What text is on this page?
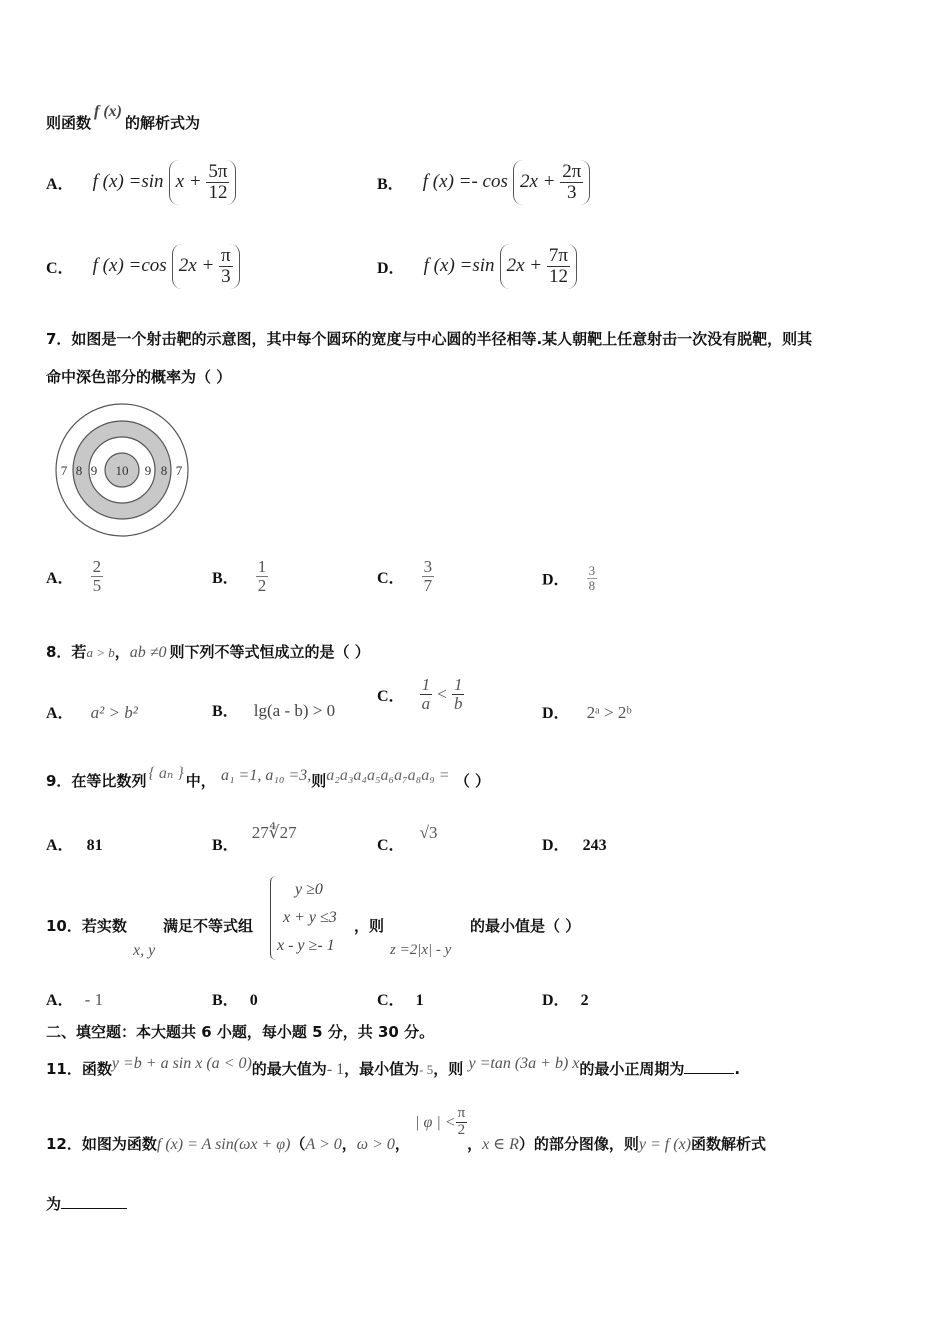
则函数f (x)的解析式为
A． f (x) =sin $x + \frac{5\pi}{12}$	B． f $(x) =- \cos 2x + \frac{2\pi}{3}$
C． f (x) =cos $2x + \frac{\pi}{3}$	D． f (x) =sin $2x + \frac{7\pi}{12}$
7．如图是一个射击靶的示意图，其中每个圆环的宽度与中心圆的半径相等.某人朝靶上任意射击一次没有脱靶，则其
命中深色部分的概率为（ ）
7 8 9 10 9 8 7
A． $\frac{2}{5}$	B． $\frac{1}{2}$	C． $\frac{3}{7}$	D． $\frac{3}{8}$
8．若a > b，ab ≠0 则下列不等式恒成立的是（ ）
A． a² > b²	B． lg(a - b) > 0
C． $\frac{1}{a} < \frac{1}{b}$
D． 2ᵃ > 2ᵇ
9．在等比数列 { aₙ } 中， a₁ =1, a₁₀ =3,则a₂a₃a₄a₅a₆a₇a₈a₉ = （ ）
A． 81	B． 27∜27
C． √3
D． 243
10．若实数
x, y
满足不等式组
y ≥0
x + y ≤3
x - y ≥- 1
，则
z =2|x| - y
的最小值是（ ）
A． - 1	B． 0	C． 1	D． 2
二、填空题：本大题共 6 小题，每小题 5 分，共 30 分。
11．函数y =b + a sin x (a < 0)的最大值为- 1，最小值为- 5，则 y =tan (3a + b) x的最小正周期为	.
12．如图为函数f (x) = A sin(ωx + φ)（A > 0，ω > 0， | φ | < $\frac{\pi}{2}$
，x ∈ R）的部分图像，则y = f (x)函数解析式
为
